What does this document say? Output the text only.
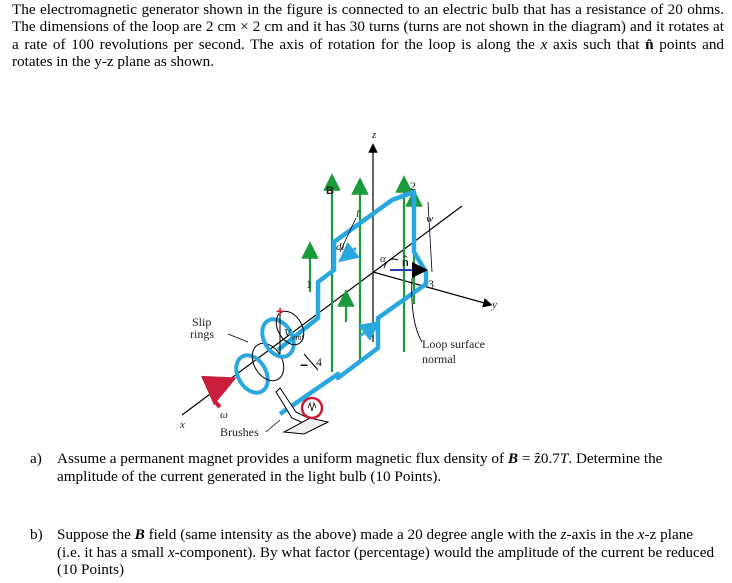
The electromagnetic generator shown in the figure is connected to an electric bulb that has a resistance of 20 ohms. The dimensions of the loop are 2 cm × 2 cm and it has 30 turns (turns are not shown in the diagram) and it rotates at a rate of 100 revolutions per second. The axis of rotation for the loop is along the x axis such that n̂ points and rotates in the y-z plane as shown.

z
y
x
B
l
dl
α n̂
w
1
2
3
4
+
−
V emf
ω
Slip
rings
Brushes
Loop surface
normal
a) Assume a permanent magnet provides a uniform magnetic flux density of B = ẑ0.7T. Determine the amplitude of the current generated in the light bulb (10 Points).
b) Suppose the B field (same intensity as the above) made a 20 degree angle with the z-axis in the x-z plane (i.e. it has a small x-component). By what factor (percentage) would the amplitude of the current be reduced (10 Points)
